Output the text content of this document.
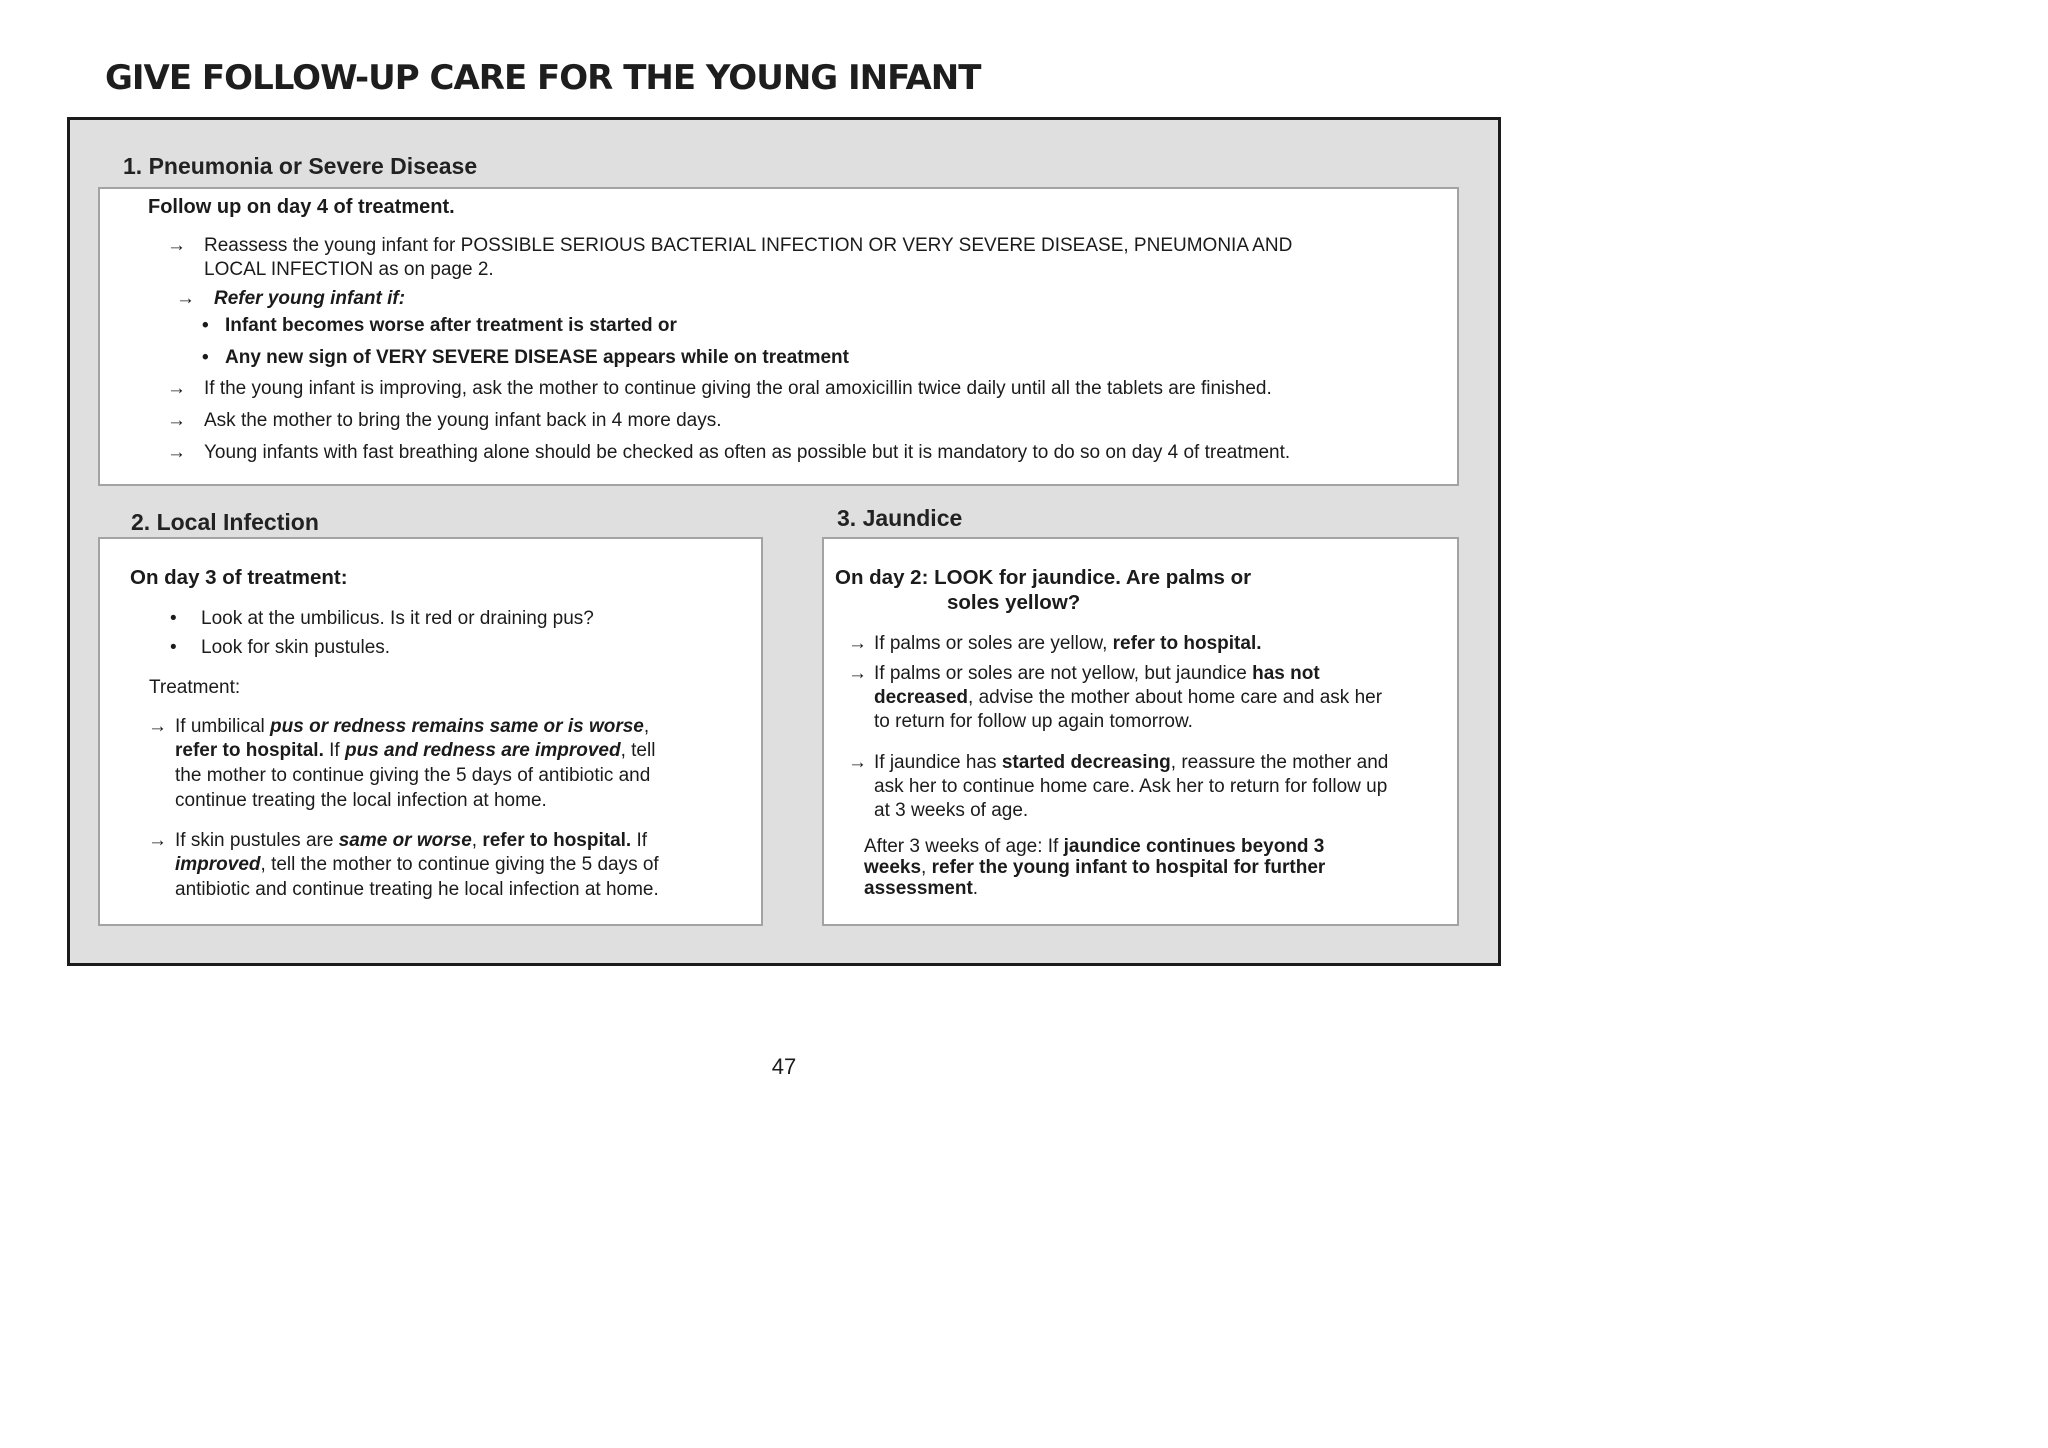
GIVE FOLLOW-UP CARE FOR THE YOUNG INFANT
1. Pneumonia or Severe Disease

Follow up on day 4 of treatment.

→ Reassess the young infant for POSSIBLE SERIOUS BACTERIAL INFECTION OR VERY SEVERE DISEASE, PNEUMONIA AND
LOCAL INFECTION as on page 2.
→ Refer young infant if:
• Infant becomes worse after treatment is started or
• Any new sign of VERY SEVERE DISEASE appears while on treatment
→ If the young infant is improving, ask the mother to continue giving the oral amoxicillin twice daily until all the tablets are finished.
→ Ask the mother to bring the young infant back in 4 more days.
→ Young infants with fast breathing alone should be checked as often as possible but it is mandatory to do so on day 4 of treatment.
2. Local Infection

On day 3 of treatment:

• Look at the umbilicus. Is it red or draining pus?
• Look for skin pustules.
Treatment:
→ If umbilical pus or redness remains same or is worse,
refer to hospital. If pus and redness are improved, tell
the mother to continue giving the 5 days of antibiotic and
continue treating the local infection at home.
→ If skin pustules are same or worse, refer to hospital. If
improved, tell the mother to continue giving the 5 days of
antibiotic and continue treating he local infection at home.
3. Jaundice
On day 2: LOOK for jaundice. Are palms or
soles yellow?
→ If palms or soles are yellow, refer to hospital.
→ If palms or soles are not yellow, but jaundice has not
decreased, advise the mother about home care and ask her
to return for follow up again tomorrow.
→ If jaundice has started decreasing, reassure the mother and
ask her to continue home care. Ask her to return for follow up
at 3 weeks of age.
After 3 weeks of age: If jaundice continues beyond 3
weeks, refer the young infant to hospital for further
assessment.
47
